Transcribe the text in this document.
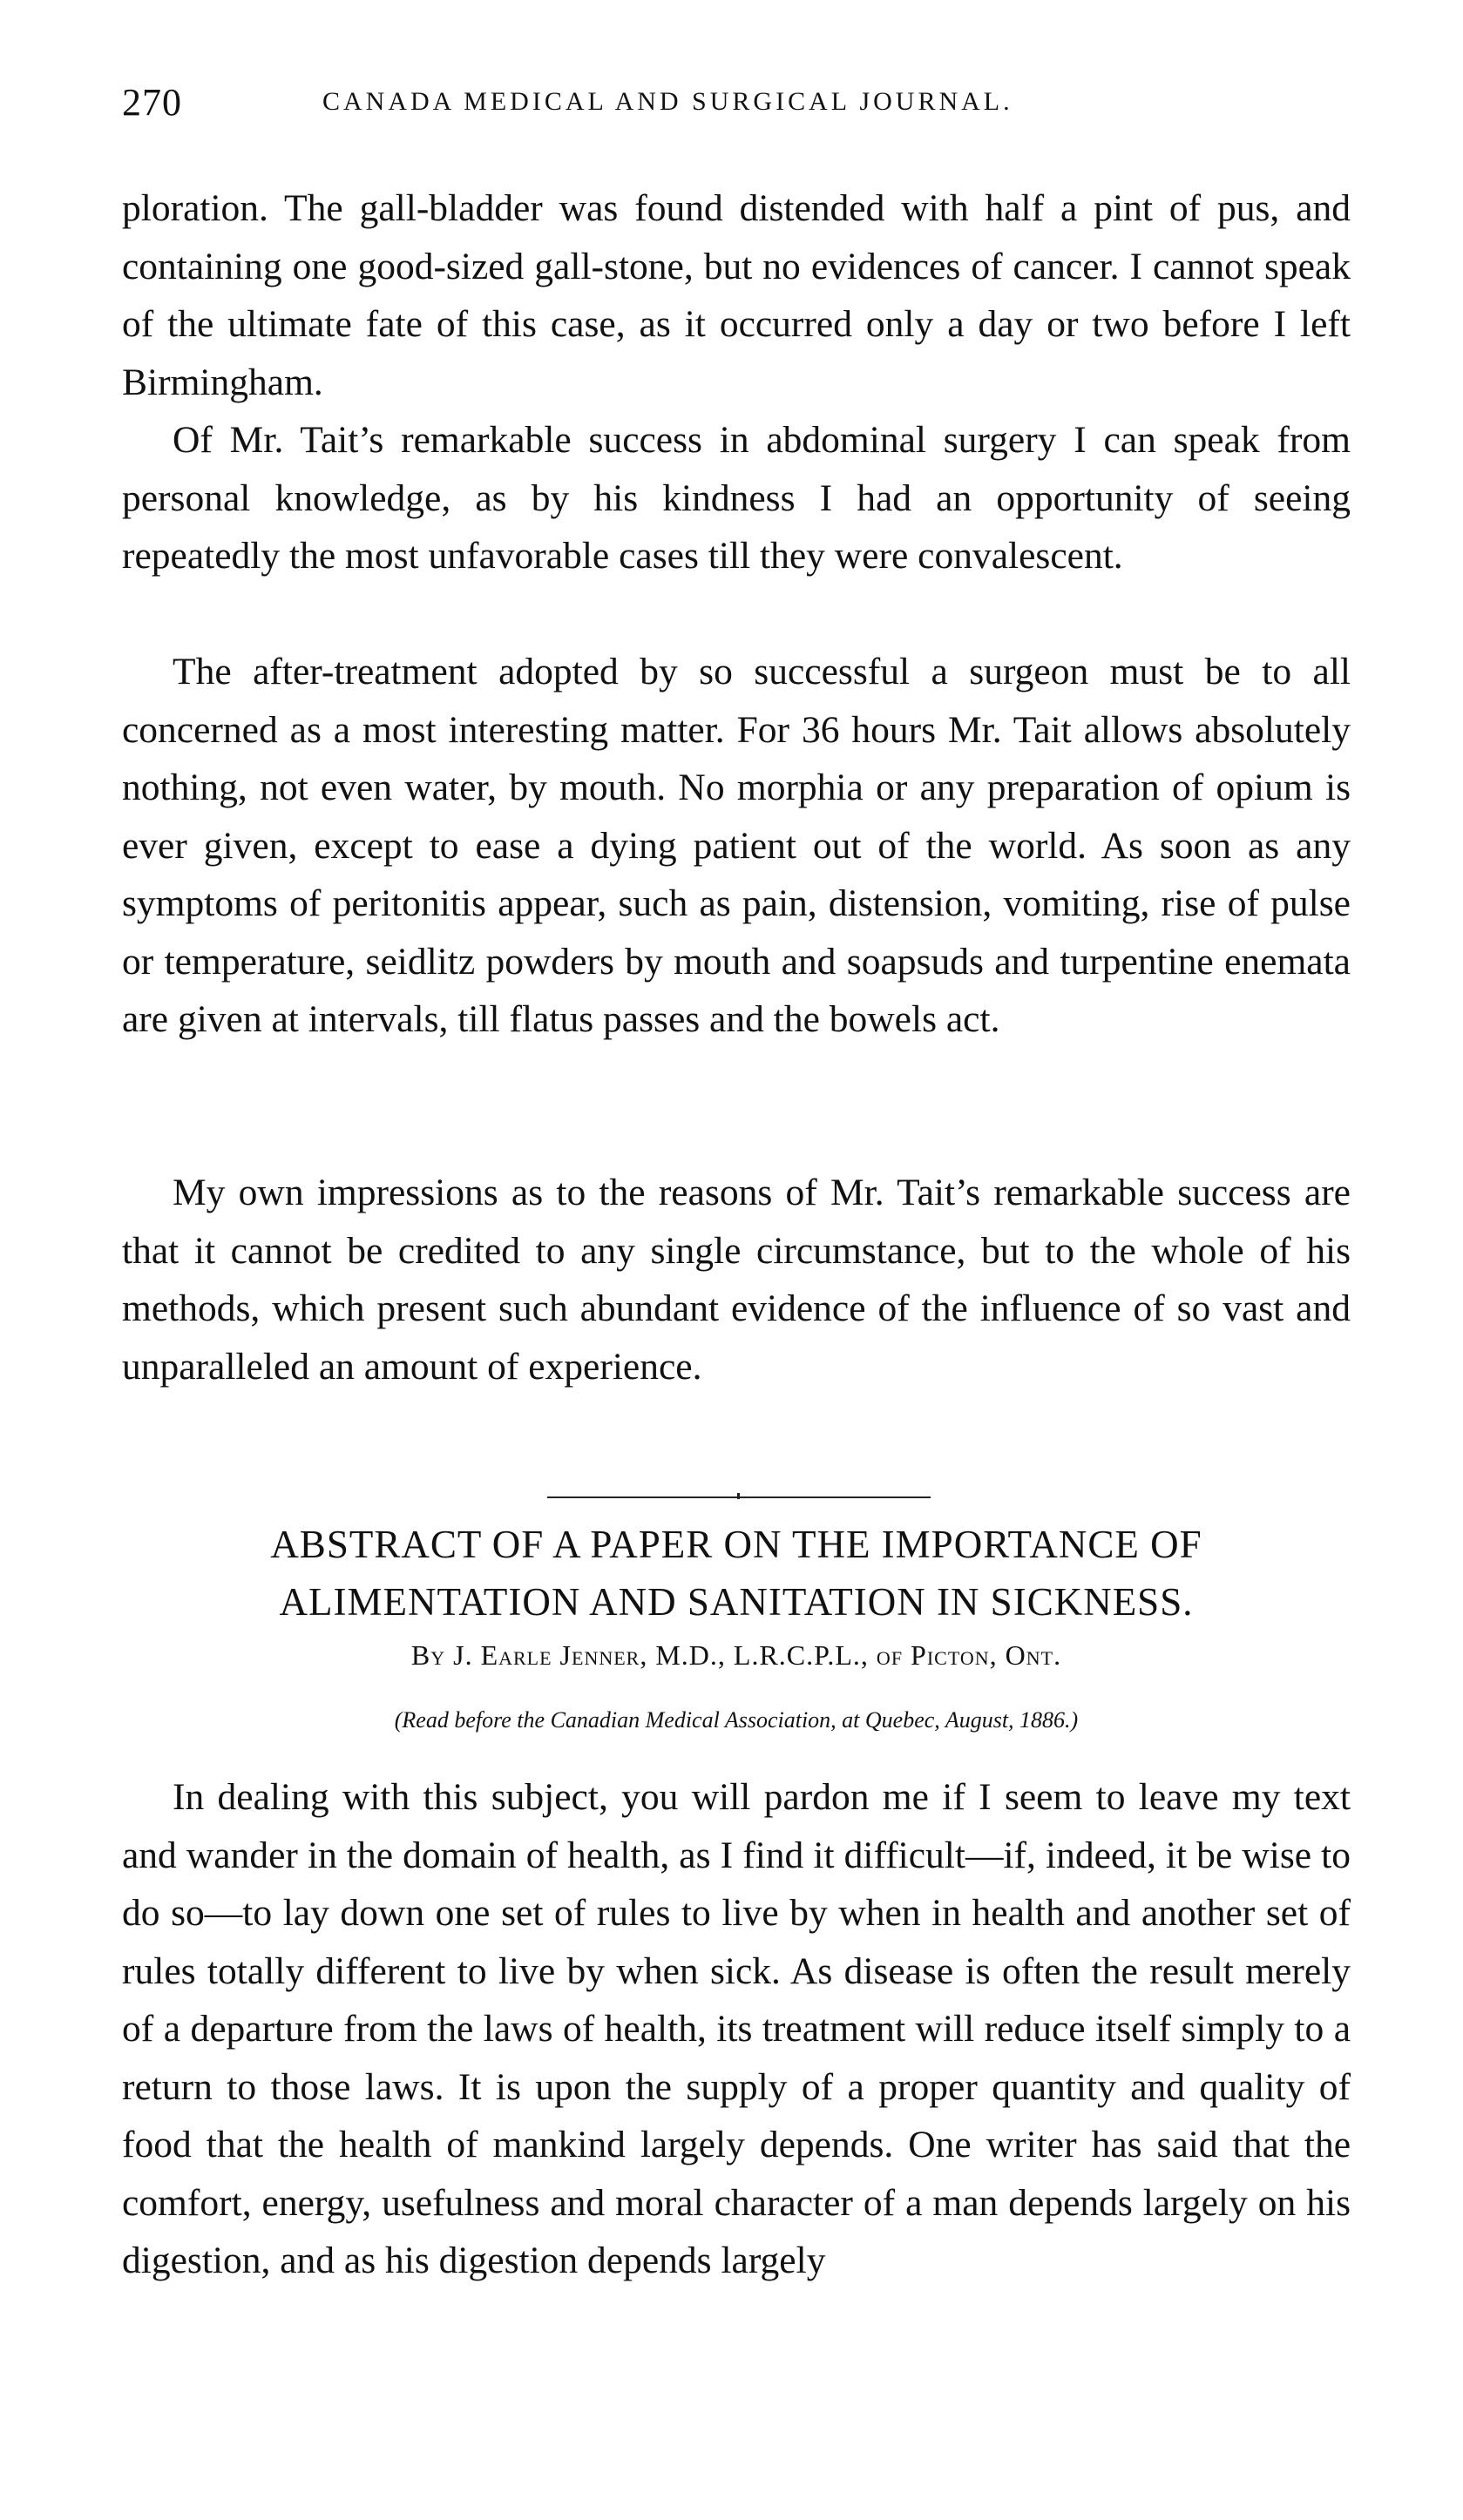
270	CANADA MEDICAL AND SURGICAL JOURNAL.

ploration. The gall-bladder was found distended with half a pint of pus, and containing one good-sized gall-stone, but no evidences of cancer. I cannot speak of the ultimate fate of this case, as it occurred only a day or two before I left Birmingham.

Of Mr. Tait’s remarkable success in abdominal surgery I can speak from personal knowledge, as by his kindness I had an opportunity of seeing repeatedly the most unfavorable cases till they were convalescent.

The after-treatment adopted by so successful a surgeon must be to all concerned as a most interesting matter. For 36 hours Mr. Tait allows absolutely nothing, not even water, by mouth. No morphia or any preparation of opium is ever given, except to ease a dying patient out of the world. As soon as any symptoms of peritonitis appear, such as pain, distension, vomiting, rise of pulse or temperature, seidlitz powders by mouth and soapsuds and turpentine enemata are given at intervals, till flatus passes and the bowels act.

My own impressions as to the reasons of Mr. Tait’s remarkable success are that it cannot be credited to any single circumstance, but to the whole of his methods, which present such abundant evidence of the influence of so vast and unparalleled an amount of experience.

ABSTRACT OF A PAPER ON THE IMPORTANCE OF ALIMENTATION AND SANITATION IN SICKNESS.
By J. Earle Jenner, M.D., L.R.C.P.L., of Picton, Ont.
(Read before the Canadian Medical Association, at Quebec, August, 1886.)

In dealing with this subject, you will pardon me if I seem to leave my text and wander in the domain of health, as I find it difficult—if, indeed, it be wise to do so—to lay down one set of rules to live by when in health and another set of rules totally different to live by when sick. As disease is often the result merely of a departure from the laws of health, its treatment will reduce itself simply to a return to those laws. It is upon the supply of a proper quantity and quality of food that the health of mankind largely depends. One writer has said that the comfort, energy, usefulness and moral character of a man depends largely on his digestion, and as his digestion depends largely
